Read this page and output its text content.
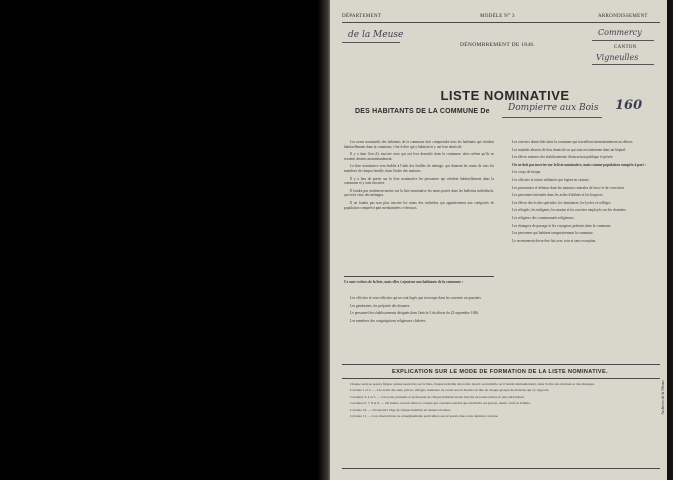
DÉPARTEMENT	MODÈLE N° 3	ARRONDISSEMENT
de la Meuse	Commercy
DÉNOMBREMENT DE 1846.	CANTON
Vigneulles
LISTE NOMINATIVE
DES HABITANTS DE LA COMMUNE De Dompierre aux Bois 160

Les noms nominatifs des habitants de la commune doit comprendre tous les habitants qui résident habituellement dans la commune, c'est-à-dire qui y habitent et y ont leur domicile.

Il y a donc lieu d'y inscrire ceux qui ont leur domicile dans la commune, alors même qu'ils en seraient absents momentanément.

La liste nominative sera établie à l'aide des feuilles de ménage, qui donnent les noms de tous les membres de chaque famille, dans l'ordre des maisons.

Il y a lieu de porter sur la liste nominative les personnes qui résident habituellement dans la commune et y sont inscrites.

Il faudra pas seulement mettre sur la liste nominative les noms portés dans les bulletins individuels, qui reste ceux des ménages.

Il ne faudra pas non plus inscrire les noms des individus qui appartiennent aux catégories de population comptée à part mentionnées ci-dessous.

Ce sont exclues de la liste, mais elles s'ajoutent aux habitants de la commune :

Les officiers et sous-officiers qui ne sont logés que en troupe dans les casernes ou quartiers.

Les gendarmes, les préposés des douanes.

Le personnel des établissements désignés dans l'article 3 du décret du 22 septembre 1846.

Les membres des congrégations religieuses cloîtrées.

Les ouvriers domiciliés dans la commune qui travaillent momentanément au dehors.

Les malades absents de leur domicile ou qui sont en traitement dans un hôpital.

Les élèves internes des établissements d'instruction publique et privée.

On ne doit pas inscrire sur la liste nominative, mais comme population comptée à part :

Les corps de troupe.

Les officiers et autres militaires qui logent en caserne.

Les prisonniers et détenus dans les maisons centrales de force et de correction.

Les personnes internées dans les asiles d'aliénés et les hospices.

Les élèves des écoles spéciales, les séminaires, les lycées et collèges.

Les réfugiés, les indigents, les marins et les ouvriers employés sur les chantiers.

Les religieux des communautés religieuses.

Les étrangers de passage et les voyageurs présents dans la commune.

Les personnes qui habitent temporairement la commune.

Le recensement devra être fait avec soin et sans exception.

EXPLICATION SUR LE MODE DE FORMATION DE LA LISTE NOMINATIVE.

Chaque nom ne pourra figurer qu'une seule fois sur la liste, chaque individu devra être inscrit au domicile où il réside habituellement, dans l'ordre des maisons et des ménages.

Colonne 1 et 2. — Les noms des rues, places, villages, hameaux ou écarts seront inscrits en tête de chaque groupe de maisons qui s'y rapporte.

Colonnes 3, 4 et 5. — Les nom, prénoms et profession de chaque individu seront inscrits en toutes lettres et sans abréviation.

Colonnes 6, 7, 8 et 9. — On mettra un trait dans la colonne qui convient suivant que l'individu est garçon, marié, veuf ou femme.

Colonne 10. — On inscrira l'âge de chaque individu en années révolues.

Colonne 11. — Les observations ou renseignements particuliers seront portés dans cette dernière colonne.

Archives de la Meuse
